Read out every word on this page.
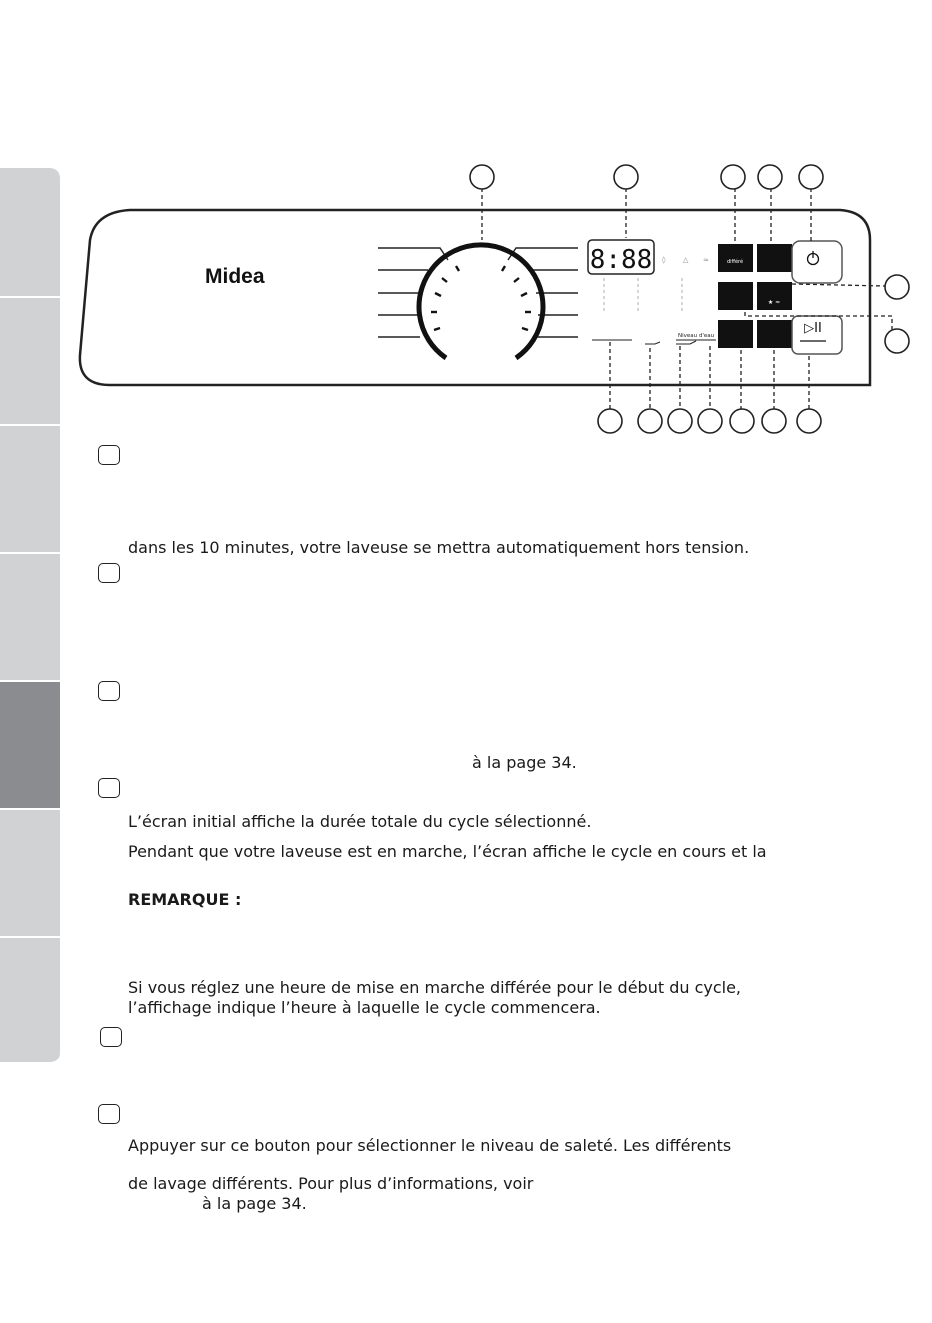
Midea
8:88 ◊	△ ≈
Niveau d'eau
différé
★ ≈
▷II
dans les 10 minutes, votre laveuse se mettra automatiquement hors tension.
à la page 34.
L’écran initial affiche la durée totale du cycle sélectionné.
Pendant que votre laveuse est en marche, l’écran affiche le cycle en cours et la
REMARQUE :
Si vous réglez une heure de mise en marche différée pour le début du cycle,
l’affichage indique l’heure à laquelle le cycle commencera.
Appuyer sur ce bouton pour sélectionner le niveau de saleté. Les différents
de lavage différents. Pour plus d’informations, voir
à la page 34.
